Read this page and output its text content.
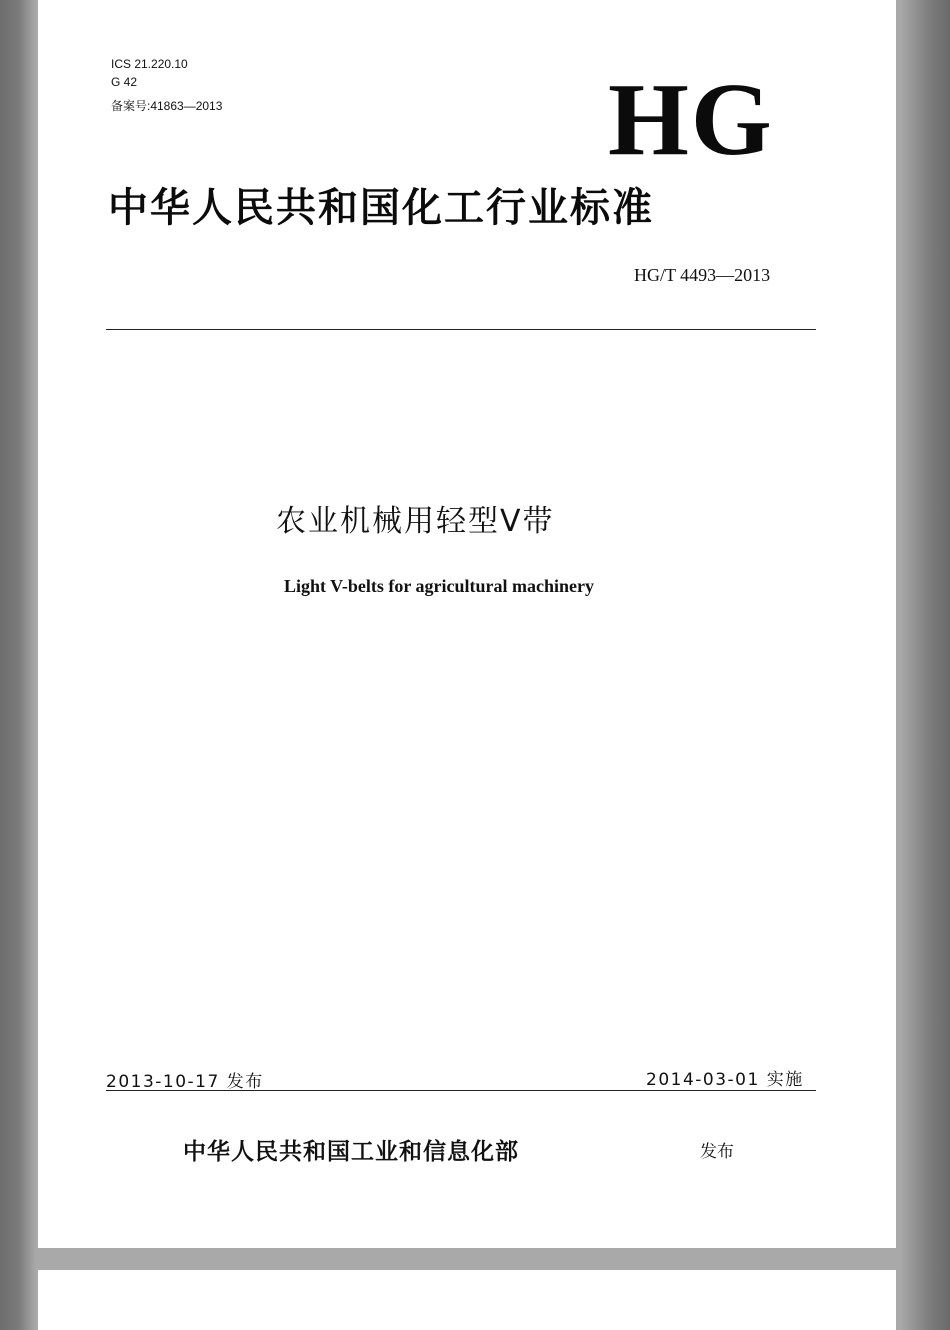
ICS 21.220.10
G 42
备案号:41863—2013	HG
中华人民共和国化工行业标准
HG/T 4493—2013
农业机械用轻型V带
Light V-belts for agricultural machinery
2013-10-17 发布	2014-03-01 实施
中华人民共和国工业和信息化部	发布
